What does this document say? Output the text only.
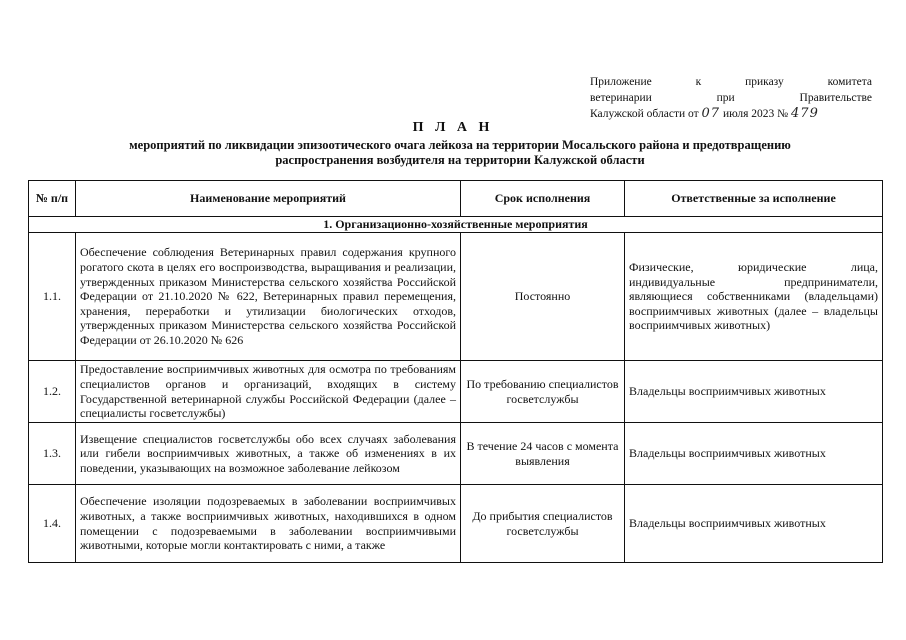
Приложение к приказу комитета
ветеринарии при Правительстве
Калужской области от 07 июля 2023 № 479
П Л А Н
мероприятий по ликвидации эпизоотического очага лейкоза на территории Мосальского района и предотвращению
распространения возбудителя на территории Калужской области
№ п/п	Наименование мероприятий	Срок исполнения	Ответственные за исполнение
1. Организационно-хозяйственные мероприятия			
1.1.	Обеспечение соблюдения Ветеринарных правил содержания крупного рогатого скота в целях его воспроизводства, выращивания и реализации, утвержденных приказом Министерства сельского хозяйства Российской Федерации от 21.10.2020 № 622, Ветеринарных правил перемещения, хранения, переработки и утилизации биологических отходов, утвержденных приказом Министерства сельского хозяйства Российской Федерации от 26.10.2020 № 626	Постоянно	Физические, юридические лица, индивидуальные предприниматели, являющиеся собственниками (владельцами) восприимчивых животных (далее – владельцы восприимчивых животных)
1.2.	Предоставление восприимчивых животных для осмотра по требованиям специалистов органов и организаций, входящих в систему Государственной ветеринарной службы Российской Федерации (далее – специалисты госветслужбы)	По требованию специалистов госветслужбы	Владельцы восприимчивых животных
1.3.	Извещение специалистов госветслужбы обо всех случаях заболевания или гибели восприимчивых животных, а также об изменениях в их поведении, указывающих на возможное заболевание лейкозом	В течение 24 часов с момента выявления	Владельцы восприимчивых животных
1.4.	Обеспечение изоляции подозреваемых в заболевании восприимчивых животных, а также восприимчивых животных, находившихся в одном помещении с подозреваемыми в заболевании восприимчивыми животными, которые могли контактировать с ними, а также	До прибытия специалистов госветслужбы	Владельцы восприимчивых животных
